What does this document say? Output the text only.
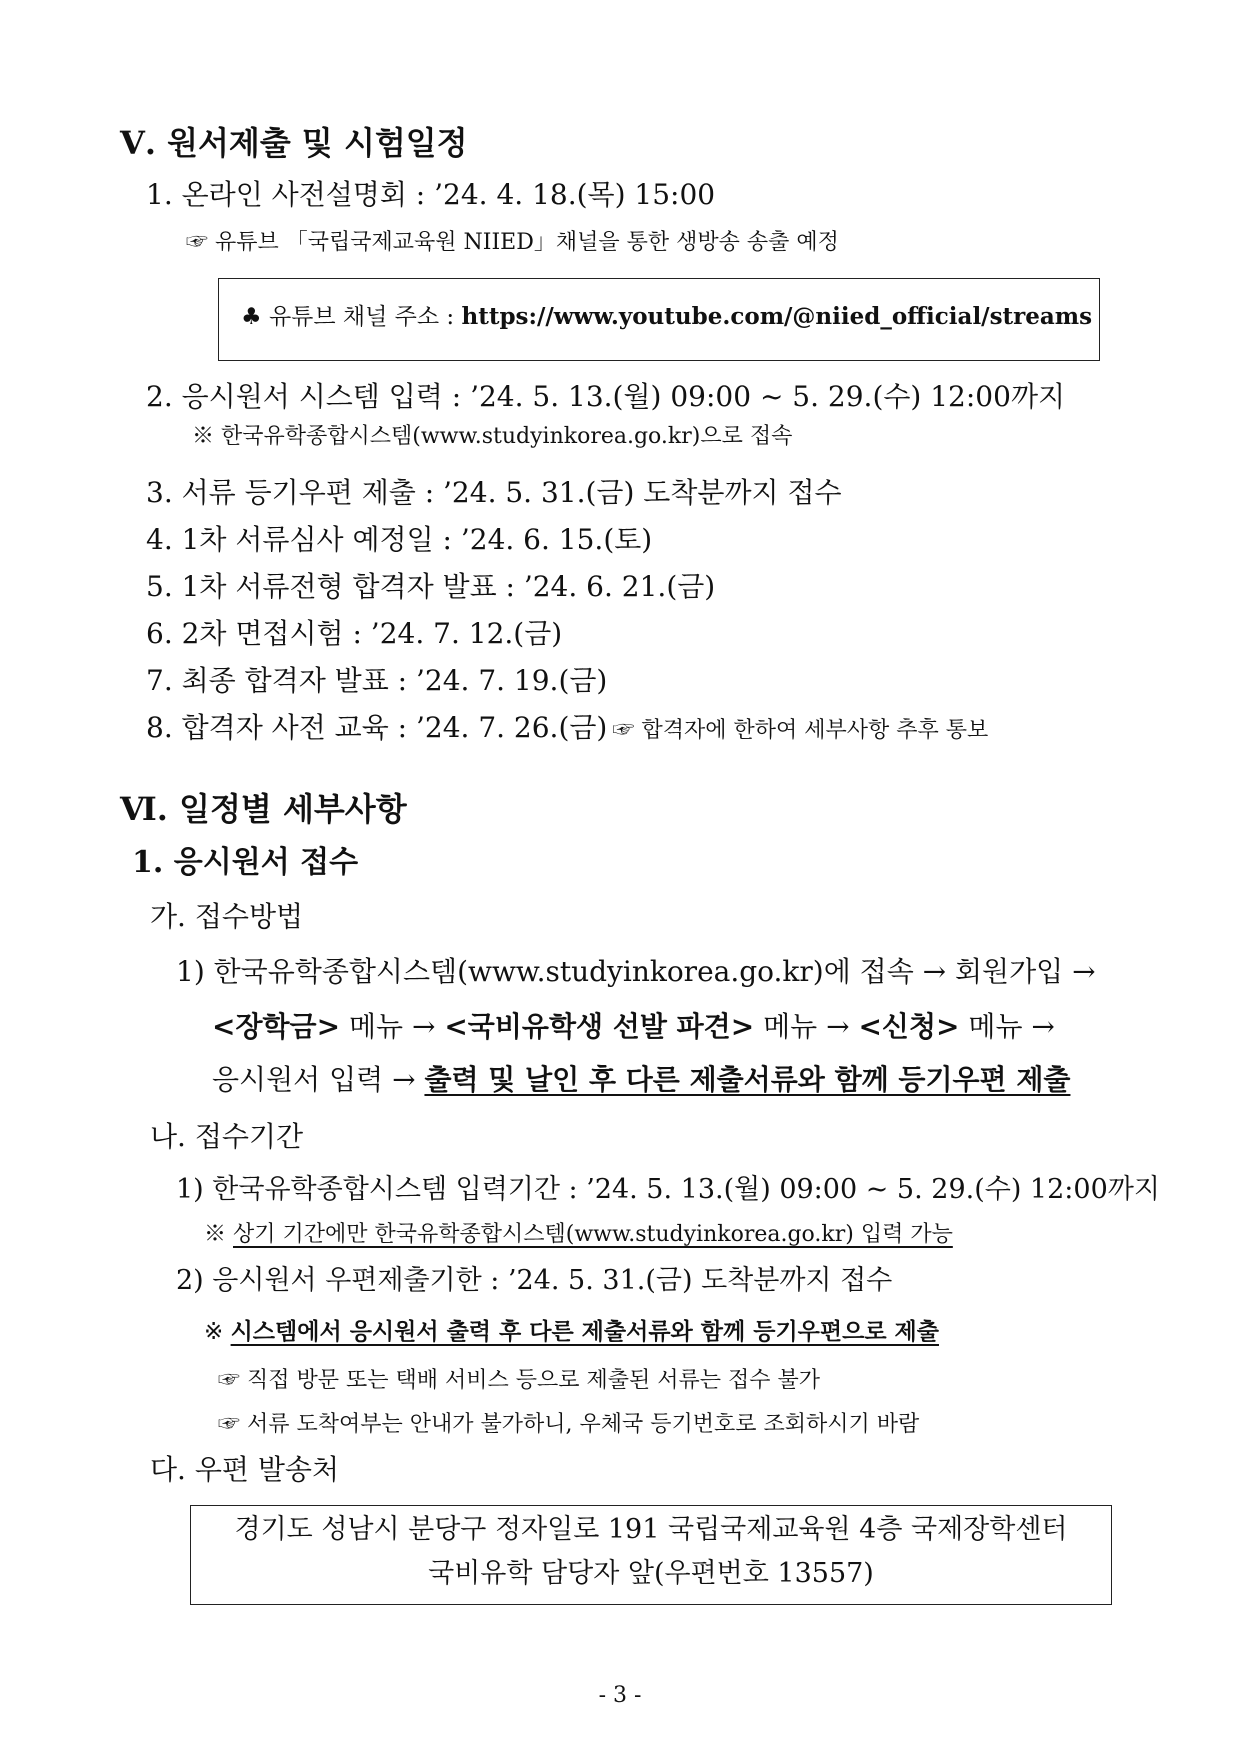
Ⅴ. 원서제출 및 시험일정
1. 온라인 사전설명회 : ’24. 4. 18.(목) 15:00
☞ 유튜브 「국립국제교육원 NIIED」채널을 통한 생방송 송출 예정
♣ 유튜브 채널 주소 : https://www.youtube.com/@niied_official/streams
2. 응시원서 시스템 입력 : ’24. 5. 13.(월) 09:00 ~ 5. 29.(수) 12:00까지
※ 한국유학종합시스템(www.studyinkorea.go.kr)으로 접속
3. 서류 등기우편 제출 : ’24. 5. 31.(금) 도착분까지 접수
4. 1차 서류심사 예정일 : ’24. 6. 15.(토)
5. 1차 서류전형 합격자 발표 : ’24. 6. 21.(금)
6. 2차 면접시험 : ’24. 7. 12.(금)
7. 최종 합격자 발표 : ’24. 7. 19.(금)
8. 합격자 사전 교육 : ’24. 7. 26.(금) ☞ 합격자에 한하여 세부사항 추후 통보
Ⅵ. 일정별 세부사항
1. 응시원서 접수
가. 접수방법
1) 한국유학종합시스템(www.studyinkorea.go.kr)에 접속 → 회원가입 →
<장학금> 메뉴 → <국비유학생 선발 파견> 메뉴 → <신청> 메뉴 →
응시원서 입력 → 출력 및 날인 후 다른 제출서류와 함께 등기우편 제출
나. 접수기간
1) 한국유학종합시스템 입력기간 : ’24. 5. 13.(월) 09:00 ~ 5. 29.(수) 12:00까지
※ 상기 기간에만 한국유학종합시스템(www.studyinkorea.go.kr) 입력 가능
2) 응시원서 우편제출기한 : ’24. 5. 31.(금) 도착분까지 접수
※ 시스템에서 응시원서 출력 후 다른 제출서류와 함께 등기우편으로 제출
☞ 직접 방문 또는 택배 서비스 등으로 제출된 서류는 접수 불가
☞ 서류 도착여부는 안내가 불가하니, 우체국 등기번호로 조회하시기 바람
다. 우편 발송처
경기도 성남시 분당구 정자일로 191 국립국제교육원 4층 국제장학센터
국비유학 담당자 앞(우편번호 13557)
- 3 -
